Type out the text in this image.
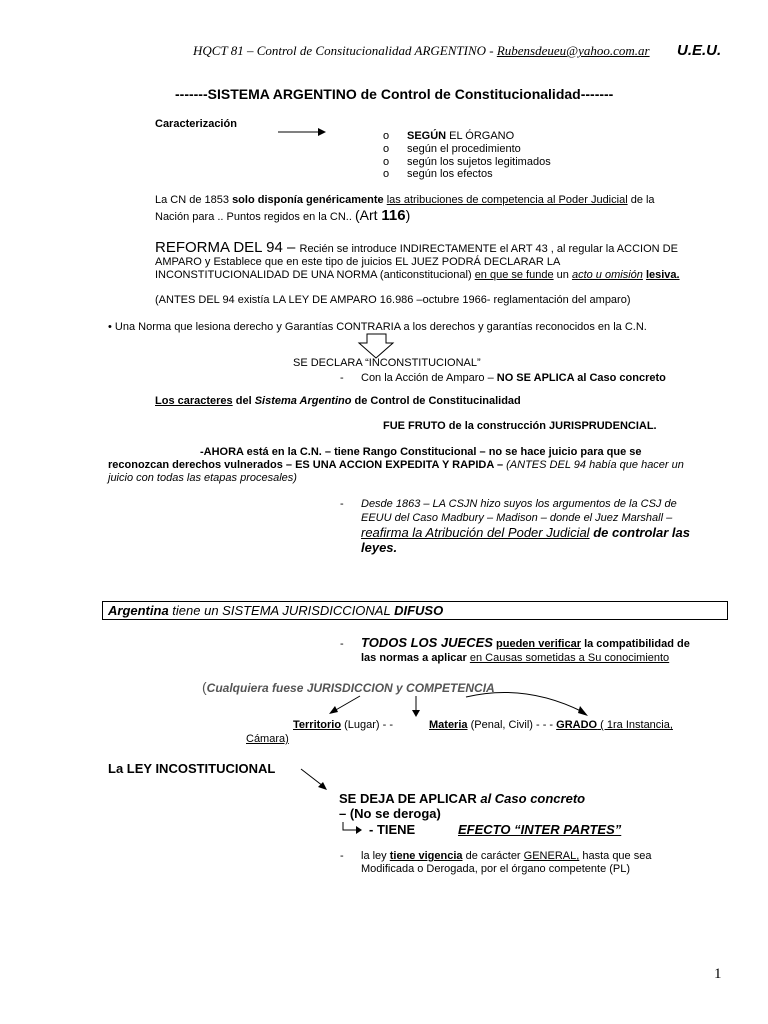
HQCT 81 – Control de Consitucionalidad ARGENTINO - Rubensdeueu@yahoo.com.ar U.E.U.
-------SISTEMA ARGENTINO de Control de Constitucionalidad-------
Caracterización
o SEGÚN EL ÓRGANO
o según el procedimiento
o según los sujetos legitimados
o según los efectos
La CN de 1853 solo disponía genéricamente las atribuciones de competencia al Poder Judicial de la
Nación para .. Puntos regidos en la CN.. (Art 116)
REFORMA DEL 94 – Recién se introduce INDIRECTAMENTE el ART 43 , al regular la ACCION DE
AMPARO y Establece que en este tipo de juicios EL JUEZ PODRÁ DECLARAR LA
INCONSTITUCIONALIDAD DE UNA NORMA (anticonstitucional) en que se funde un acto u omisión lesiva.
(ANTES DEL 94 existía LA LEY DE AMPARO 16.986 –octubre 1966- reglamentación del amparo)
• Una Norma que lesiona derecho y Garantías CONTRARIA a los derechos y garantías reconocidos en la C.N.
SE DECLARA “INCONSTITUCIONAL”
- Con la Acción de Amparo – NO SE APLICA al Caso concreto
Los caracteres del Sistema Argentino de Control de Constitucinalidad
FUE FRUTO de la construcción JURISPRUDENCIAL.
-AHORA está en la C.N. – tiene Rango Constitucional – no se hace juicio para que se
reconozcan derechos vulnerados – ES UNA ACCION EXPEDITA Y RAPIDA – (ANTES DEL 94 había que hacer un
juicio con todas las etapas procesales)
- Desde 1863 – LA CSJN hizo suyos los argumentos de la CSJ de
EEUU del Caso Madbury – Madison – donde el Juez Marshall –
reafirma la Atribución del Poder Judicial de controlar las
leyes.
Argentina tiene un SISTEMA JURISDICCIONAL DIFUSO
- TODOS LOS JUECES pueden verificar la compatibilidad de
las normas a aplicar en Causas sometidas a Su conocimiento
(Cualquiera fuese JURISDICCION y COMPETENCIA
Territorio (Lugar) - -	Materia (Penal, Civil) - - - GRADO ( 1ra Instancia,
Cámara)
La LEY INCOSTITUCIONAL
SE DEJA DE APLICAR al Caso concreto
– (No se deroga)
- TIENE	EFECTO “INTER PARTES”
- la ley tiene vigencia de carácter GENERAL, hasta que sea
Modificada o Derogada, por el órgano competente (PL)
1
